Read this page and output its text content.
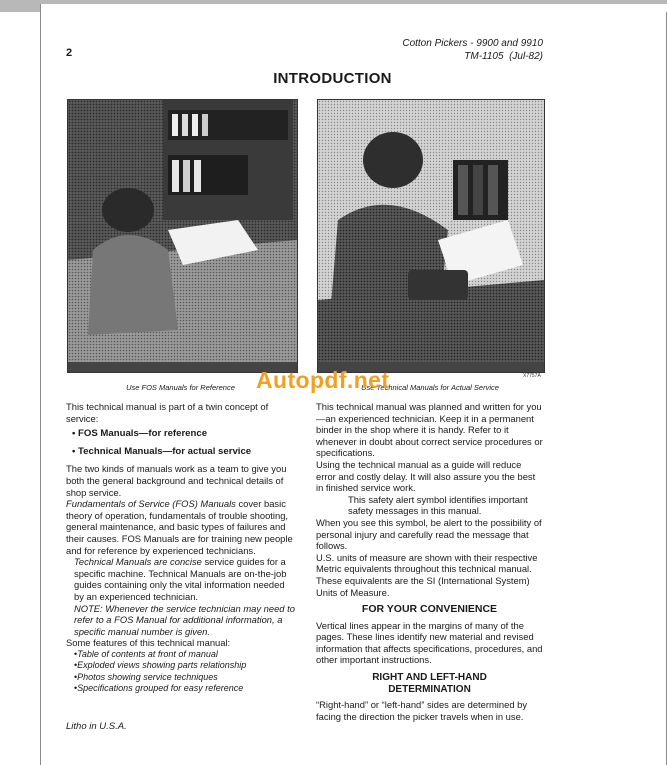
2
Cotton Pickers - 9900 and 9910
TM-1105 (Jul-82)
INTRODUCTION
Use FOS Manuals for Reference	Use Technical Manuals for Actual Service
X7757A
Autopdf.net

This technical manual is part of a twin concept of service:

• FOS Manuals—for reference

• Technical Manuals—for actual service

The two kinds of manuals work as a team to give you both the general background and technical details of shop service.

Fundamentals of Service (FOS) Manuals cover basic theory of operation, fundamentals of trouble shooting, general maintenance, and basic types of failures and their causes. FOS Manuals are for training new people and for reference by experienced technicians.

Technical Manuals are concise service guides for a specific machine. Technical Manuals are on-the-job guides containing only the vital information needed by an experienced technician.

NOTE: Whenever the service technician may need to refer to a FOS Manual for additional information, a specific manual number is given.

Some features of this technical manual:

• Table of contents at front of manual
• Exploded views showing parts relationship
• Photos showing service techniques
• Specifications grouped for easy reference

This technical manual was planned and written for you—an experienced technician. Keep it in a permanent binder in the shop where it is handy. Refer to it whenever in doubt about correct service procedures or specifications.

Using the technical manual as a guide will reduce error and costly delay. It will also assure you the best in finished service work.

This safety alert symbol identifies important safety messages in this manual.

When you see this symbol, be alert to the possibility of personal injury and carefully read the message that follows.

U.S. units of measure are shown with their respective Metric equivalents throughout this technical manual. These equivalents are the SI (International System) Units of Measure.

FOR YOUR CONVENIENCE

Vertical lines appear in the margins of many of the pages. These lines identify new material and revised information that affects specifications, procedures, and other important instructions.

RIGHT AND LEFT-HAND
DETERMINATION

“Right-hand” or “left-hand” sides are determined by facing the direction the picker travels when in use.

Litho in U.S.A.
